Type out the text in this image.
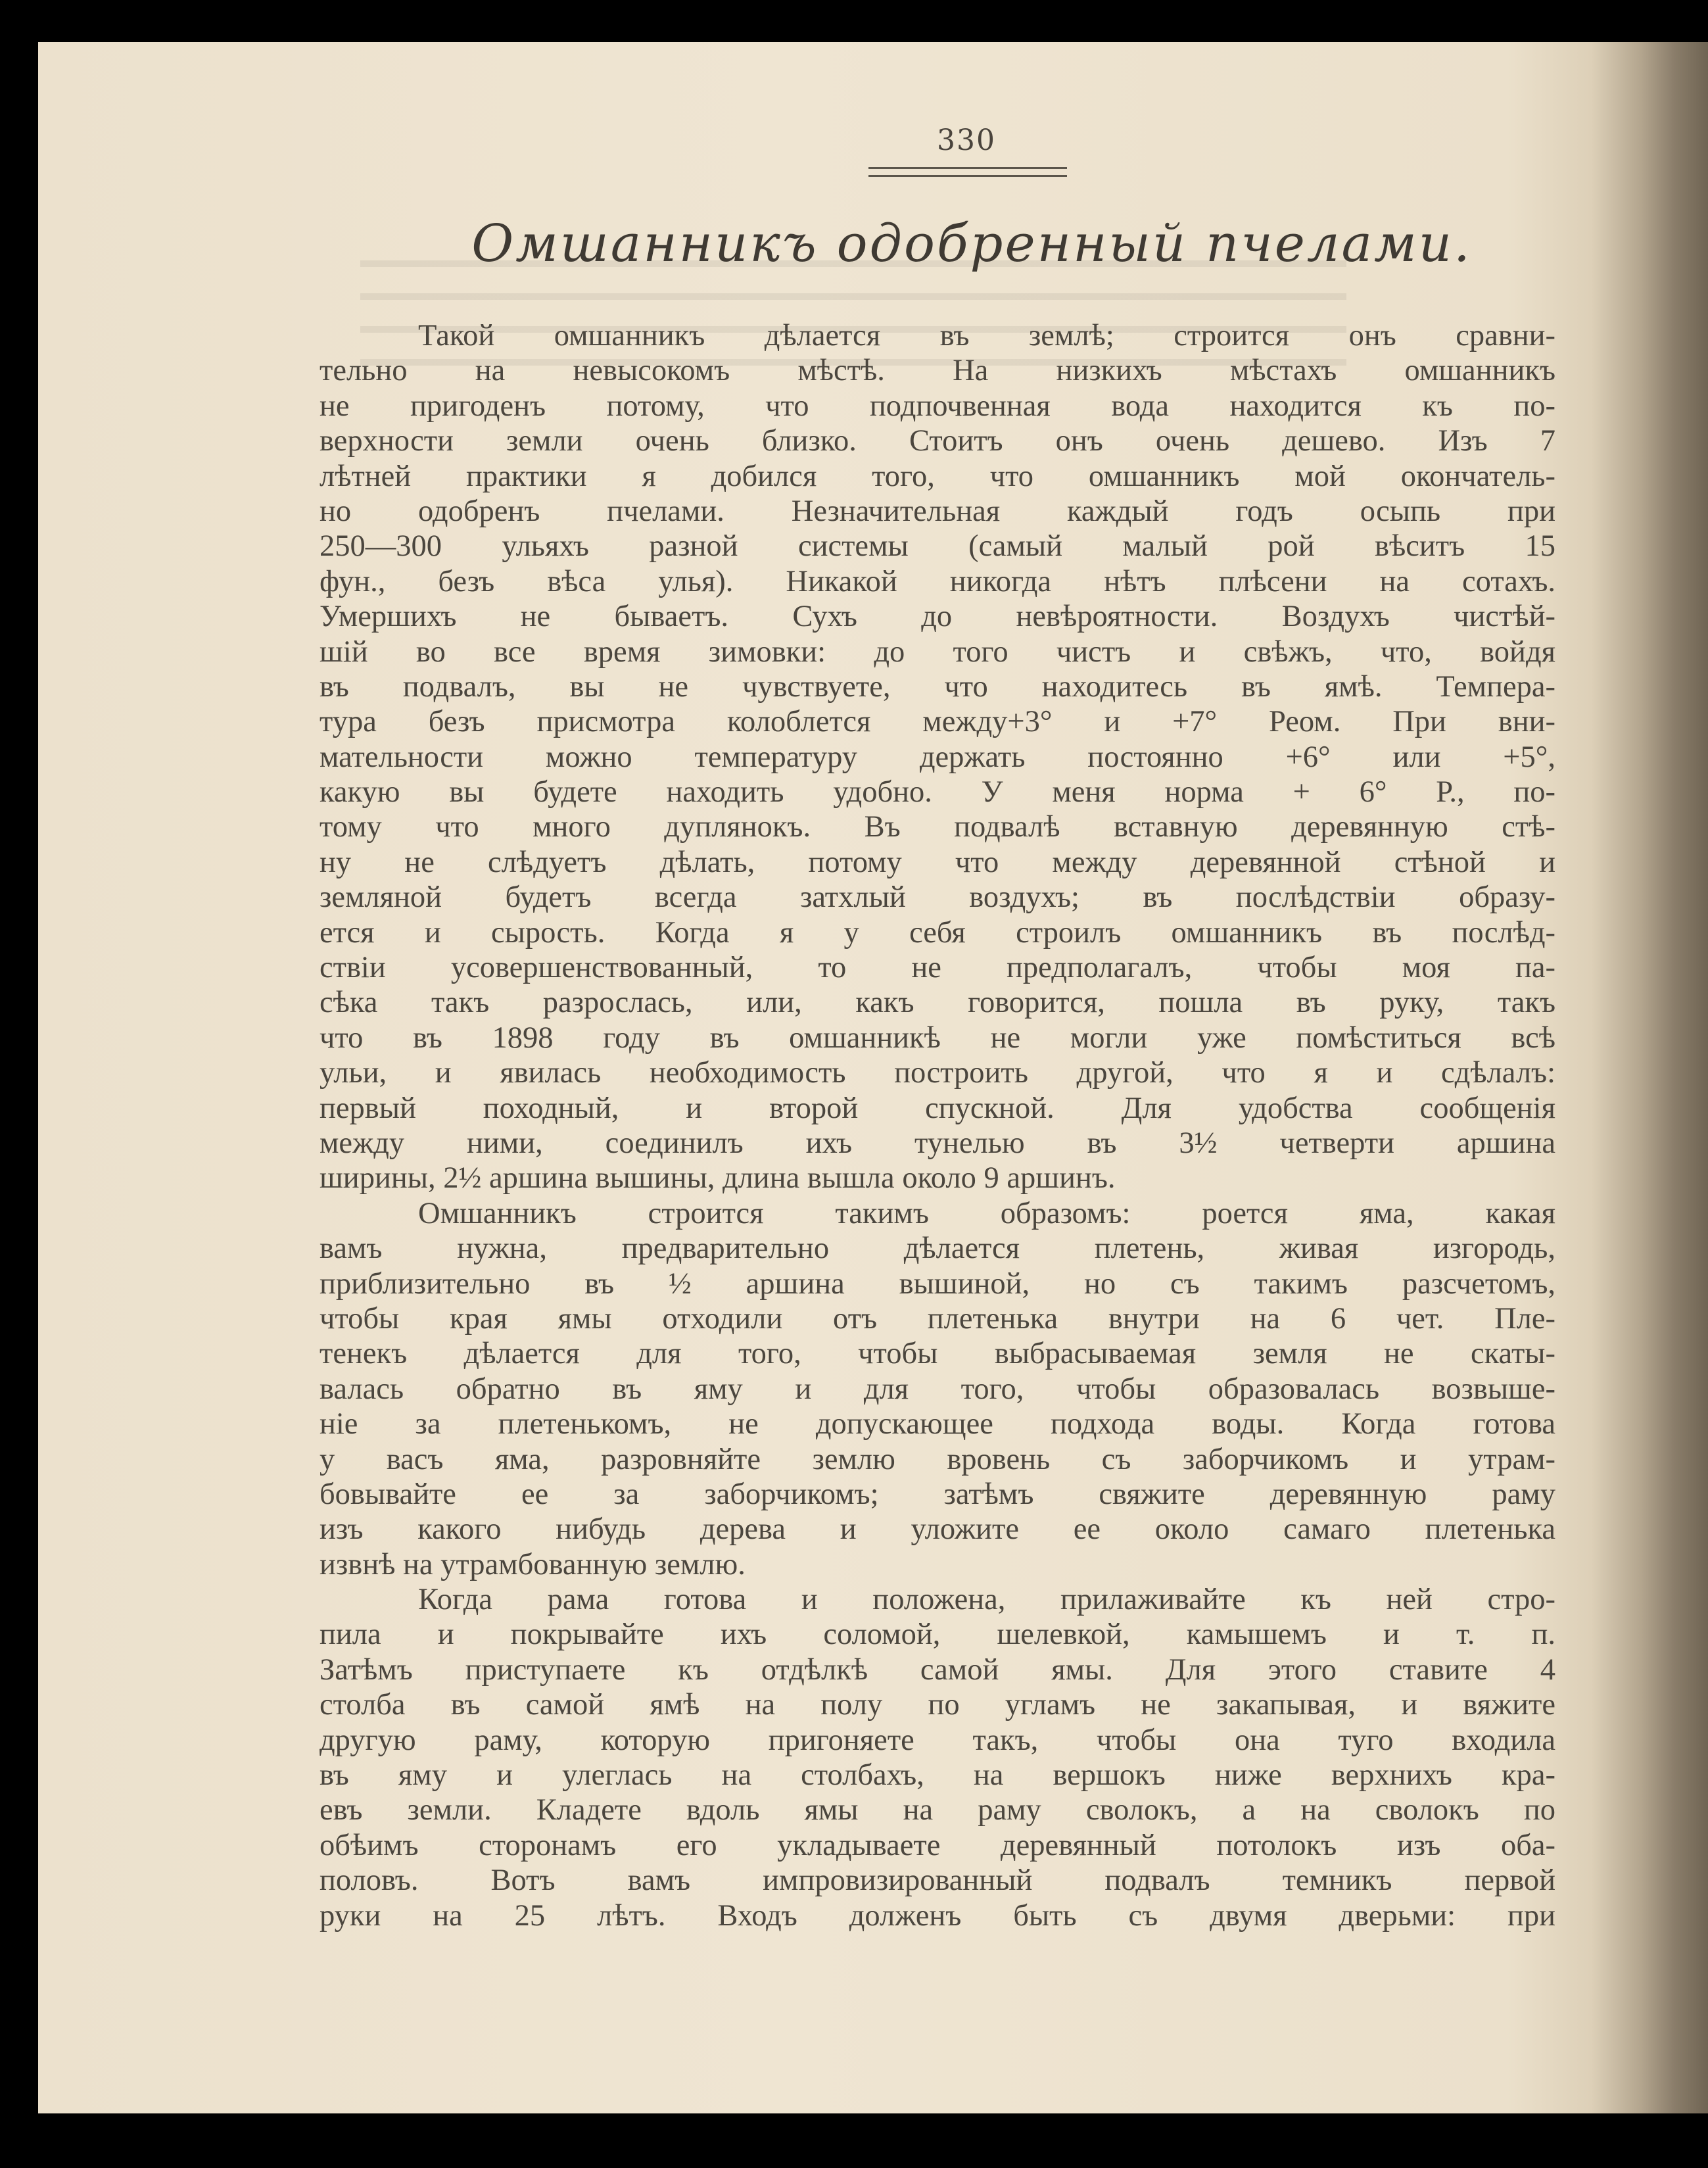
330
Омшанникъ одобренный пчелами.
Такой омшанникъ дѣлается въ землѣ; строится онъ сравни-
тельно на невысокомъ мѣстѣ. На низкихъ мѣстахъ омшанникъ
не пригоденъ потому, что подпочвенная вода находится къ по-
верхности земли очень близко. Стоитъ онъ очень дешево. Изъ 7
лѣтней практики я добился того, что омшанникъ мой окончатель-
но одобренъ пчелами. Незначительная каждый годъ осыпь при
250—300 ульяхъ разной системы (самый малый рой вѣситъ 15
фун., безъ вѣса улья). Никакой никогда нѣтъ плѣсени на сотахъ.
Умершихъ не бываетъ. Сухъ до невѣроятности. Воздухъ чистѣй-
шій во все время зимовки: до того чистъ и свѣжъ, что, войдя
въ подвалъ, вы не чувствуете, что находитесь въ ямѣ. Темпера-
тура безъ присмотра колоблется между+3° и +7° Реом. При вни-
мательности можно температуру держать постоянно +6° или +5°,
какую вы будете находить удобно. У меня норма + 6° Р., по-
тому что много дуплянокъ. Въ подвалѣ вставную деревянную стѣ-
ну не слѣдуетъ дѣлать, потому что между деревянной стѣной и
земляной будетъ всегда затхлый воздухъ; въ послѣдствіи образу-
ется и сырость. Когда я у себя строилъ омшанникъ въ послѣд-
ствіи усовершенствованный, то не предполагалъ, чтобы моя па-
сѣка такъ разрослась, или, какъ говорится, пошла въ руку, такъ
что въ 1898 году въ омшанникѣ не могли уже помѣститься всѣ
ульи, и явилась необходимость построить другой, что я и сдѣлалъ:
первый походный, и второй спускной. Для удобства сообщенія
между ними, соединилъ ихъ тунелью въ 3½ четверти аршина
ширины, 2½ аршина вышины, длина вышла около 9 аршинъ.
Омшанникъ строится такимъ образомъ: роется яма, какая
вамъ нужна, предварительно дѣлается плетень, живая изгородь,
приблизительно въ ½ аршина вышиной, но съ такимъ разсчетомъ,
чтобы края ямы отходили отъ плетенька внутри на 6 чет. Пле-
тенекъ дѣлается для того, чтобы выбрасываемая земля не скаты-
валась обратно въ яму и для того, чтобы образовалась возвыше-
ніе за плетенькомъ, не допускающее подхода воды. Когда готова
у васъ яма, разровняйте землю вровень съ заборчикомъ и утрам-
бовывайте ее за заборчикомъ; затѣмъ свяжите деревянную раму
изъ какого нибудь дерева и уложите ее около самаго плетенька
извнѣ на утрамбованную землю.
Когда рама готова и положена, прилаживайте къ ней стро-
пила и покрывайте ихъ соломой, шелевкой, камышемъ и т. п.
Затѣмъ приступаете къ отдѣлкѣ самой ямы. Для этого ставите 4
столба въ самой ямѣ на полу по угламъ не закапывая, и вяжите
другую раму, которую пригоняете такъ, чтобы она туго входила
въ яму и улеглась на столбахъ, на вершокъ ниже верхнихъ кра-
евъ земли. Кладете вдоль ямы на раму сволокъ, а на сволокъ по
обѣимъ сторонамъ его укладываете деревянный потолокъ изъ оба-
половъ. Вотъ вамъ импровизированный подвалъ темникъ первой
руки на 25 лѣтъ. Входъ долженъ быть съ двумя дверьми: при
